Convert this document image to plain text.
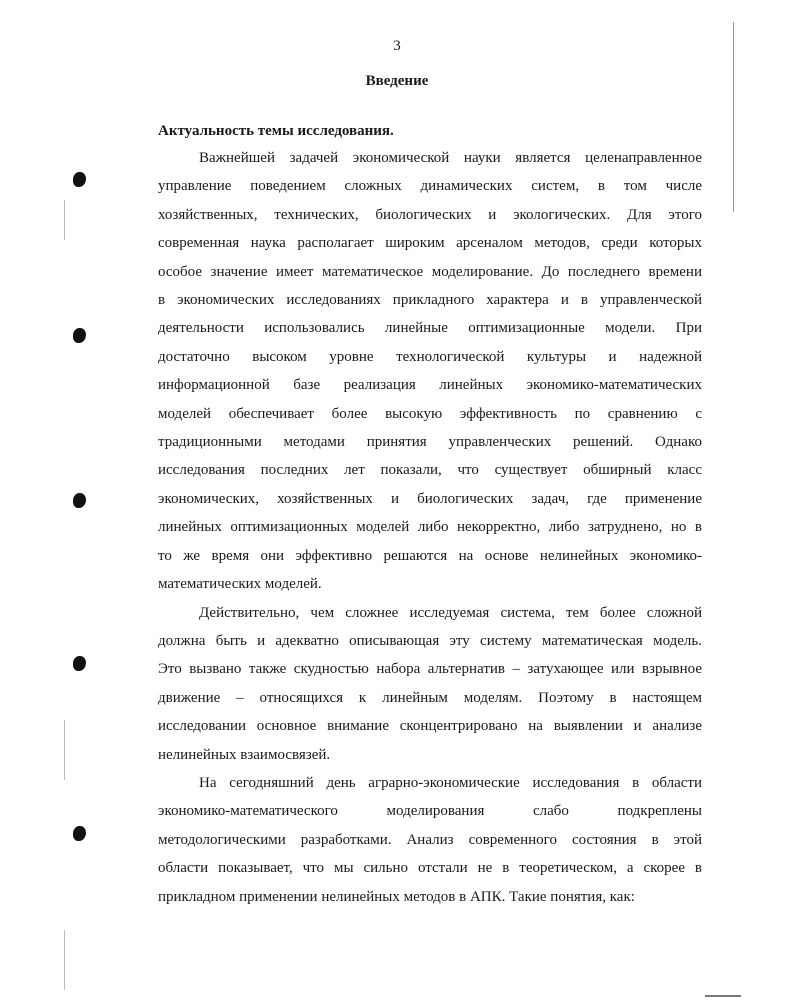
3
Введение
Актуальность темы исследования.
Важнейшей задачей экономической науки является целенаправленное
управление поведением сложных динамических систем, в том числе
хозяйственных, технических, биологических и экологических. Для этого
современная наука располагает широким арсеналом методов, среди которых
особое значение имеет математическое моделирование. До последнего времени
в экономических исследованиях прикладного характера и в управленческой
деятельности использовались линейные оптимизационные модели. При
достаточно высоком уровне технологической культуры и надежной
информационной базе реализация линейных экономико-математических
моделей обеспечивает более высокую эффективность по сравнению с
традиционными методами принятия управленческих решений. Однако
исследования последних лет показали, что существует обширный класс
экономических, хозяйственных и биологических задач, где применение
линейных оптимизационных моделей либо некорректно, либо затруднено, но в
то же время они эффективно решаются на основе нелинейных экономико-
математических моделей.
Действительно, чем сложнее исследуемая система, тем более сложной
должна быть и адекватно описывающая эту систему математическая модель.
Это вызвано также скудностью набора альтернатив – затухающее или взрывное
движение – относящихся к линейным моделям. Поэтому в настоящем
исследовании основное внимание сконцентрировано на выявлении и анализе
нелинейных взаимосвязей.
На сегодняшний день аграрно-экономические исследования в области
экономико-математического моделирования слабо подкреплены
методологическими разработками. Анализ современного состояния в этой
области показывает, что мы сильно отстали не в теоретическом, а скорее в
прикладном применении нелинейных методов в АПК. Такие понятия, как:
